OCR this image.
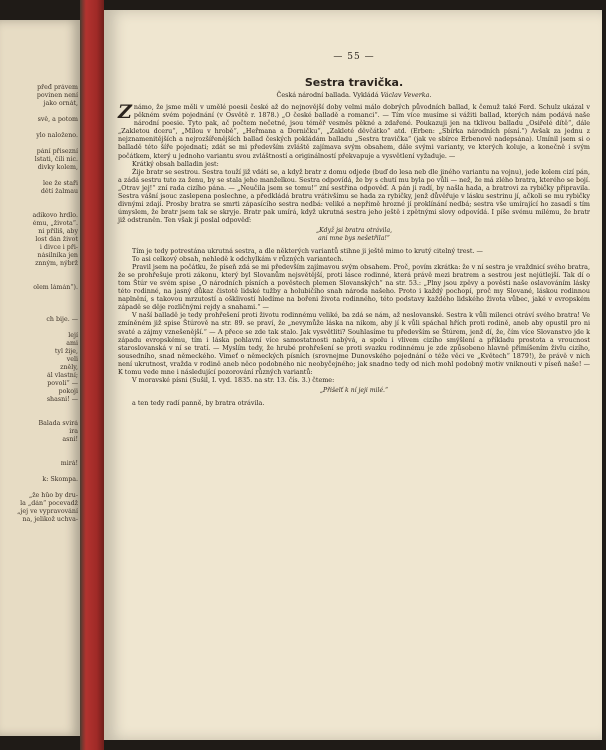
přeđ právem
povinen není
jako ornát,

svě, a potom

ylo naloženo.

pání přisezní
lstati, čili nic.
divky kolem,

lee že staři
dětí žalmau

adikovo hrdlo.
ému, „života“.
ni příliš, aby
lost dán život
i divce i při-
násilníka jen
znným, nýbrž

olem lámán“).

ch bije. —

lejí
ami
tyl žije,
veli
zněly,
ál vlastní;
povolí“ —
pokoji
shasni! —

Balada svirá
ira
asni!

mirá!

k: Skompa.

„že hůo by dru-
la „dán“ pocevadž
„jej ve vypravování
na, jelikož uchva-
— 55 —
Sestra travička.
Česká národní ballada. Vykládá Václav Veverka.

Známo, že jsme měli v umělé poesii české až do nejnovější doby velmi málo dobrých původních ballad, k čemuž také Ferd. Schulz ukázal v pěkném svém pojednání (v Osvětě r. 1878.) „O české balladě a romanci“. — Tím více musíme si vážiti ballad, kterých nám podává naše národní poesie. Tyto pak, ač počtem nečetné, jsou téměř vesměs pěkné a zdařené. Poukazuji jen na tklivou balladu „Osiřelé dítě“, dále „Zakletou dceru“, „Milou v hrobě“, „Heřmana a Dorničku“, „Zakleté děvčátko“ atd. (Erben: „Sbírka národních písní.“) Avšak za jednu z nejznamenitějších a nejrozšířenějších ballad českých pokládám balladu „Sestra travička“ (jak ve sbírce Erbenově nadepsána). Umínil jsem si o balladě této šíře pojednati; zdát se mi především zvláště zajímava svým obsahem, dále svými varianty, ve kterých koluje, a konečně i svým počátkem, který u jednoho variantu svou zvláštností a originálností překvapuje a vysvětlení vyžaduje. —

Krátký obsah balladin jest:

Žije bratr se sestrou. Sestra touží již vdáti se, a když bratr z domu odjede (buď do lesa neb dle jiného variantu na vojnu), jede kolem cizí pán, a zádá sestru tuto za ženu, by se stala jeho manželkou. Sestra odpovídá, že by s chutí mu byla po vůli — než, že má zlého bratra, kterého se bojí. „Otrav jej!“ zní rada cizího pána. — „Neučila jsem se tomu!“ zní sestřina odpověď. A pán ji radí, by našla hada, a bratrovi za rybičky připravila. Sestra vášní jsouc zaslepena poslechne, a předkládá bratru vrátivšímu se hada za rybičky, jenž důvěřuje v lásku sestrinu jí, ačkoli se mu rybičky divnými zdají. Prosby bratra se smrti zápasícího sestra nedbá: veliké a nepřimě hrozné jí proklínání nedbá; sestra vše umírající ho zasadí s tím úmyslem, že bratr jsem tak se skryje. Bratr pak umírá, když ukrutná sestra jeho ještě i zpětnými slovy odpovídá. I píše svému milému, že bratr již odstraněn. Ten však jí poslal odpověď:

„Když jsi bratra otrávila,
ani mne bys nešetřila!“

Tím je tedy potrestána ukrutná sestra, a dle některých variantů stihne ji ještě mimo to krutý citelný trest. —

To asi celkový obsah, nehledě k odchylkám v různých variantech.

Pravil jsem na počátku, že píseň zdá se mi především zajímavou svým obsahem. Proč, povím zkrátka: že v ní sestra je vraždnicí svého bratra, že se prohřešuje proti zákonu, který byl Slovanům nejsvětější, proti lásce rodinné, která právě mezi bratrem a sestrou jest nejútlejší. Tak dí o tom Štúr ve svém spise „O národních písních a pověstech plemen Slovanských“ na str. 53.: „Plny jsou zpěvy a pověsti naše oslavováním lásky této rodinné, na jasný důkaz čistotě lidské tužby a holubičího snah národa našeho. Proto i každý pochopí, proč my Slované, láskou rodinnou naplnění, s takovou mrzutostí a ošklivostí hledíme na bořeni života rodinného, této podstavy každého lidského života vůbec, jaké v evropském západě se děje rozličnými rejdy a snahami.“ —

V naší balladě je tedy prohřešení proti životu rodinnému veliké, ba zdá se nám, až neslovanské. Sestra k vůli milenci otráví svého bratra! Ve zmíněném již spise Štúrově na str. 89. se praví, že „nevymůže láska na nikom, aby jí k vůli spáchal hřích proti rodině, aneb aby opustil pro ni svaté a zájmy vznešenější.“ — A přece se zde tak stalo. Jak vysvětliti? Souhlasíme tu především se Štúrem, jenž dí, že, čím více Slovanstvo jde k západu evropskému, tím i láska pohlavní více samostatnosti nabývá, a spolu i vlivem cizího smýšlení a příkladu prostota a vroucnost staroslovanská v ní se tratí. — Myslím tedy, že hrubé prohřešení se proti svazku rodinnému je zde způsobeno hlavně přimíšením živlu cizího, sousedního, snad německého. Vimeť o německých písních (srovnejme Dunovského pojednání o téže věci ve „Květech“ 1879!), že právě v nich není ukrutnost, vražda v rodině aneb něco podobného nic neobyčejného; jak snadno tedy od nich mohl podobný motiv vniknouti v píseň naše! — K tomu vede mne i následující pozorování různých variantů:

V moravské písni (Sušil, I. vyd. 1835. na str. 13. čís. 3.) čteme:

„Přišelť k ní jeji milé.“

a ten tedy radí panně, by bratra otrávila.
